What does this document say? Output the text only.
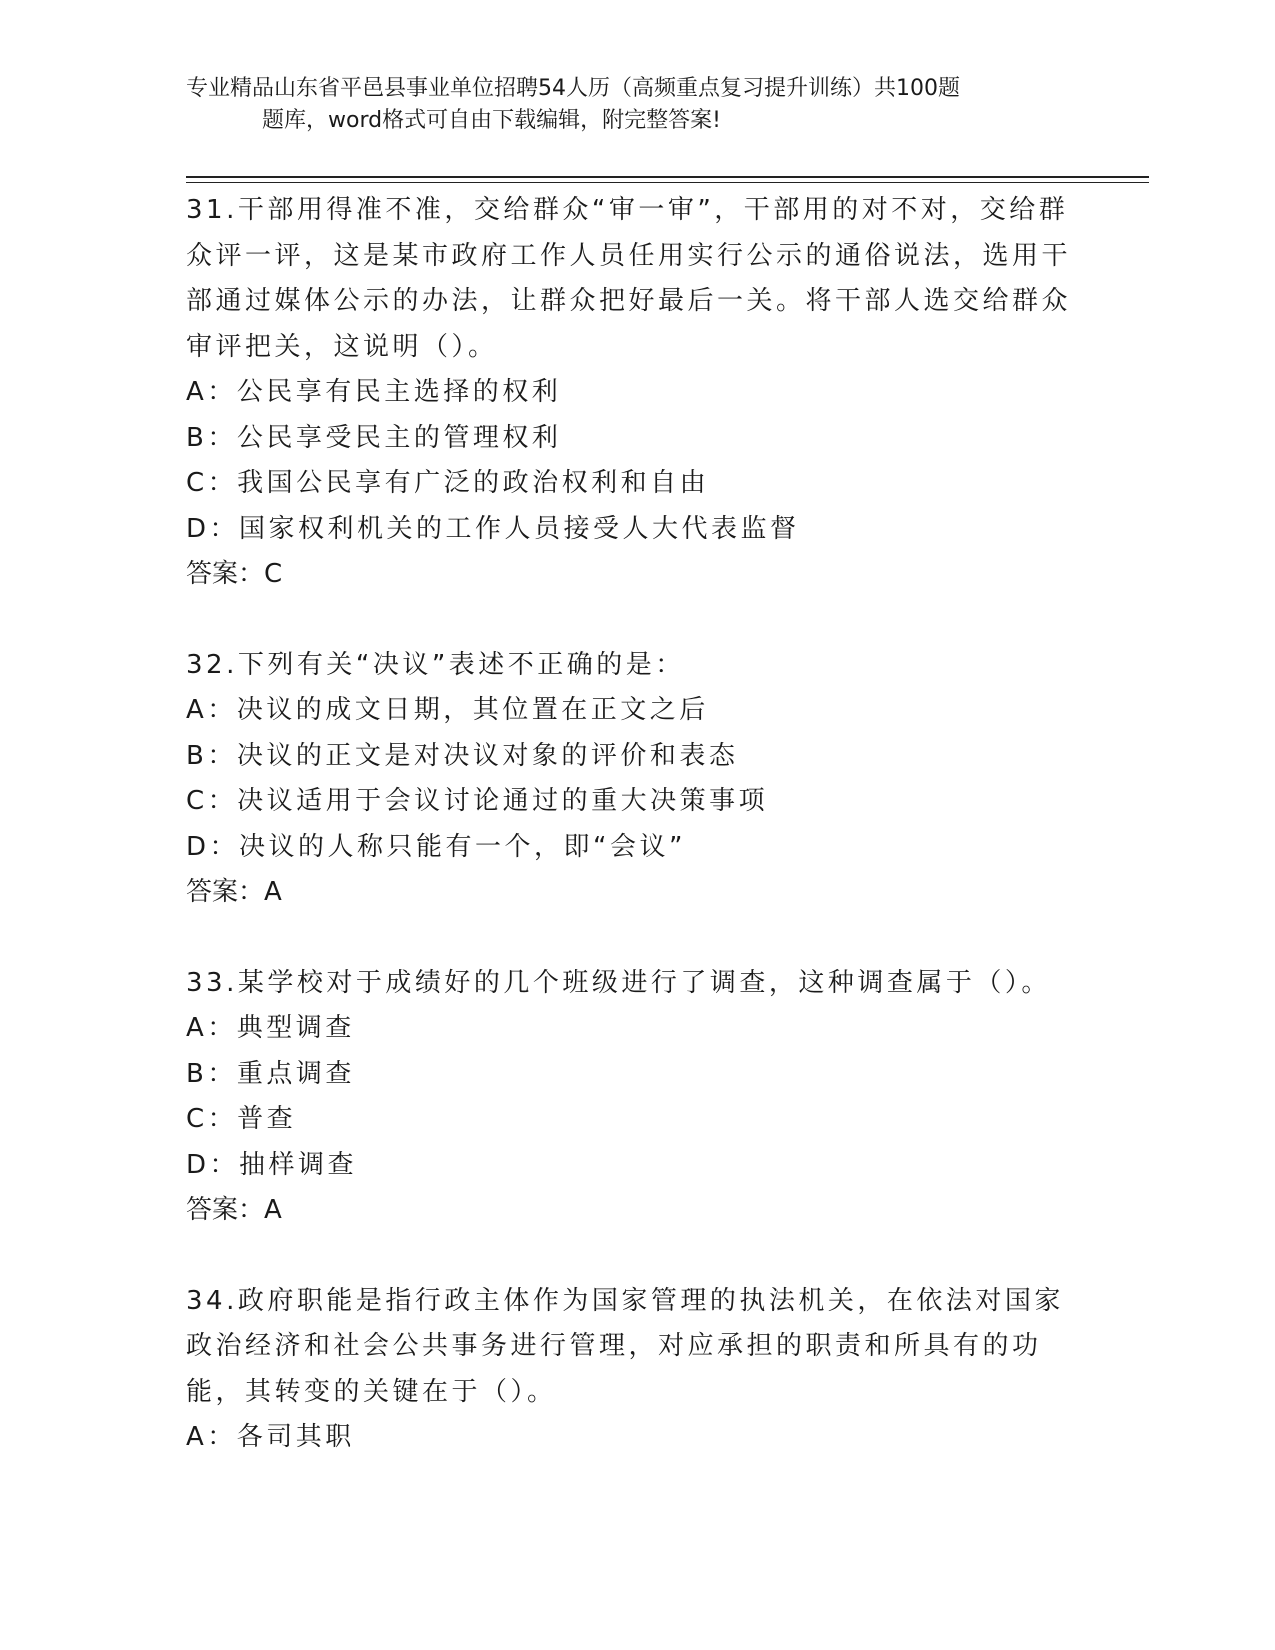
专业精品山东省平邑县事业单位招聘54人历（高频重点复习提升训练）共100题
题库，word格式可自由下载编辑，附完整答案!
31.干部用得准不准，交给群众“审一审”，干部用的对不对，交给群众评一评，这是某市政府工作人员任用实行公示的通俗说法，选用干部通过媒体公示的办法，让群众把好最后一关。将干部人选交给群众审评把关，这说明（）。
A：公民享有民主选择的权利
B：公民享受民主的管理权利
C：我国公民享有广泛的政治权利和自由
D：国家权利机关的工作人员接受人大代表监督
答案：C
32.下列有关“决议”表述不正确的是：
A：决议的成文日期，其位置在正文之后
B：决议的正文是对决议对象的评价和表态
C：决议适用于会议讨论通过的重大决策事项
D：决议的人称只能有一个，即“会议”
答案：A
33.某学校对于成绩好的几个班级进行了调查，这种调查属于（）。
A：典型调查
B：重点调查
C：普查
D：抽样调查
答案：A
34.政府职能是指行政主体作为国家管理的执法机关，在依法对国家政治经济和社会公共事务进行管理，对应承担的职责和所具有的功能，其转变的关键在于（）。
A：各司其职
